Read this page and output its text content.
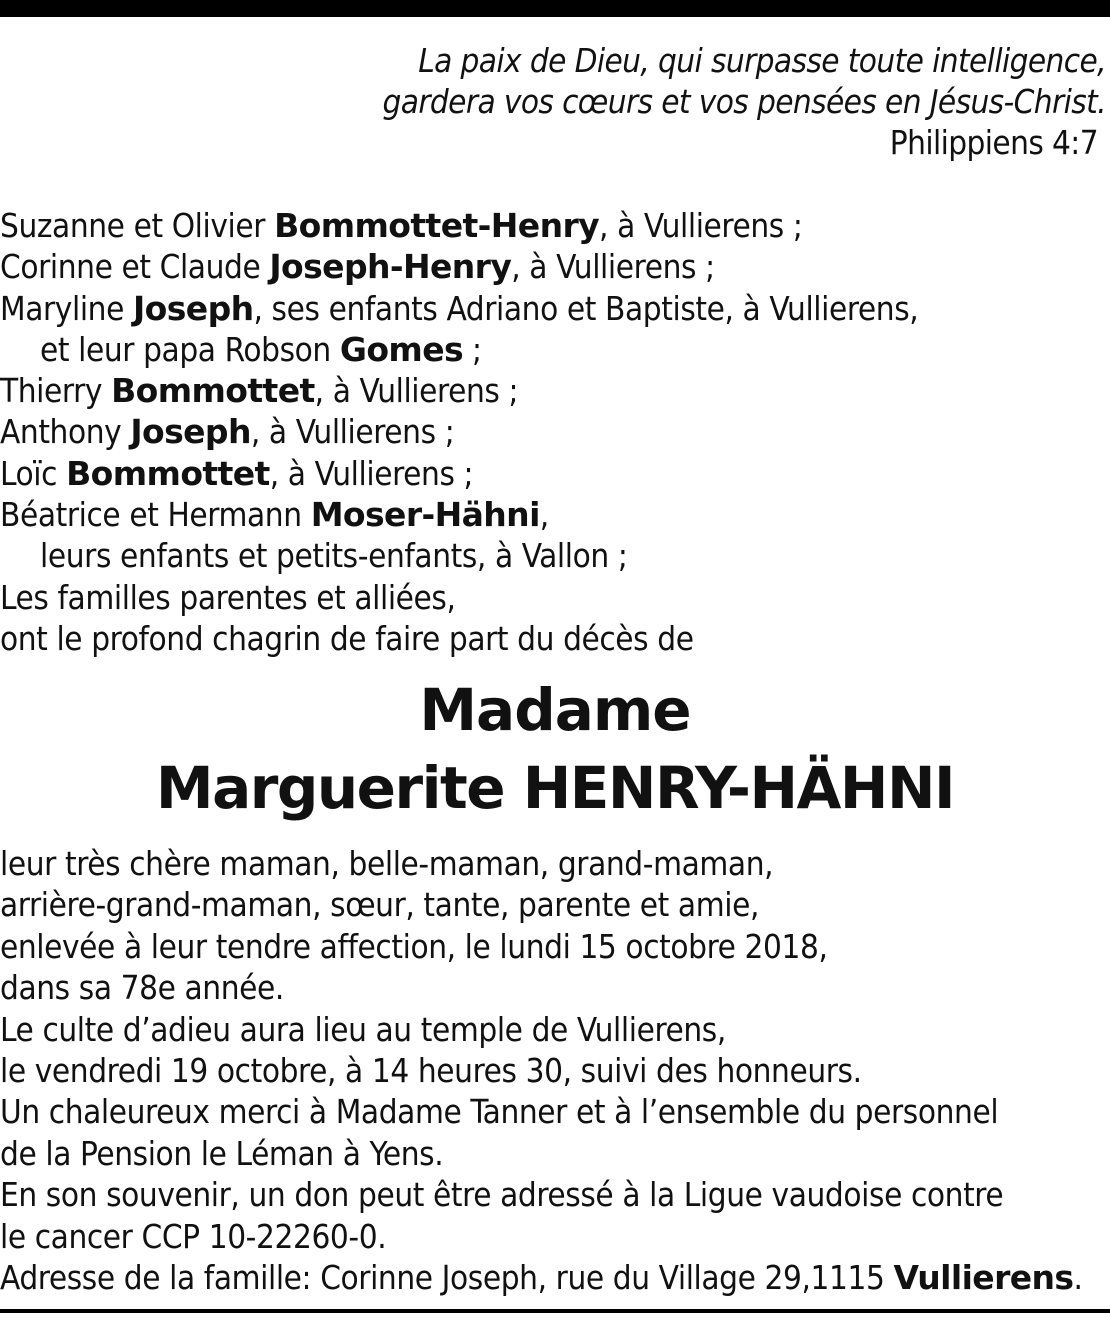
La paix de Dieu, qui surpasse toute intelligence,
gardera vos cœurs et vos pensées en Jésus-Christ.
Philippiens 4:7
Suzanne et Olivier Bommottet-Henry, à Vullierens ;
Corinne et Claude Joseph-Henry, à Vullierens ;
Maryline Joseph, ses enfants Adriano et Baptiste, à Vullierens,
et leur papa Robson Gomes ;
Thierry Bommottet, à Vullierens ;
Anthony Joseph, à Vullierens ;
Loïc Bommottet, à Vullierens ;
Béatrice et Hermann Moser-Hähni,
leurs enfants et petits-enfants, à Vallon ;
Les familles parentes et alliées,
ont le profond chagrin de faire part du décès de
Madame
Marguerite HENRY-HÄHNI
leur très chère maman, belle-maman, grand-maman,
arrière-grand-maman, sœur, tante, parente et amie,
enlevée à leur tendre affection, le lundi 15 octobre 2018,
dans sa 78e année.
Le culte d’adieu aura lieu au temple de Vullierens,
le vendredi 19 octobre, à 14 heures 30, suivi des honneurs.
Un chaleureux merci à Madame Tanner et à l’ensemble du personnel
de la Pension le Léman à Yens.
En son souvenir, un don peut être adressé à la Ligue vaudoise contre
le cancer CCP 10-22260-0.
Adresse de la famille: Corinne Joseph, rue du Village 29,1115 Vullierens.
